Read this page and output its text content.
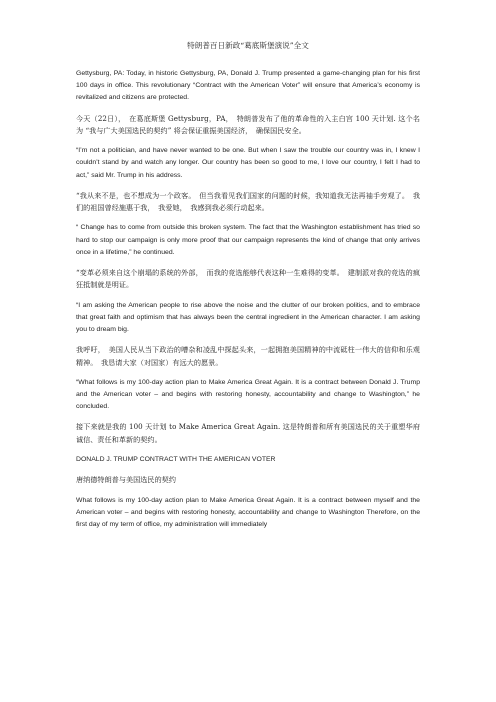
特朗普百日新政“葛底斯堡演说”全文

Gettysburg, PA: Today, in historic Gettysburg, PA, Donald J. Trump presented a game-changing plan for his first 100 days in office. This revolutionary “Contract with the American Voter” will ensure that America’s economy is revitalized and citizens are protected.

今天（22日），　在葛底斯堡 Gettysburg，PA，　特朗普发布了他的革命性的入主白宫 100 天计划. 这个名为 “我与广大美国选民的契约” 将会保证重振美国经济，　确保国民安全。

“I’m not a politician, and have never wanted to be one. But when I saw the trouble our country was in, I knew I couldn’t stand by and watch any longer. Our country has been so good to me, I love our country, I felt I had to act,” said Mr. Trump in his address.

“我从来不是，也不想成为一个政客。　但当我看见我们国家的问题的时候，我知道我无法再袖手旁观了。　我们的祖国曾经施惠于我，　我爱她，　我感到我必须行动起来。

“ Change has to come from outside this broken system. The fact that the Washington establishment has tried so hard to stop our campaign is only more proof that our campaign represents the kind of change that only arrives once in a lifetime,” he continued.

“变革必须来自这个崩塌的系统的外部，　而我的竞选能够代表这种一生难得的变革。　建制派对我的竞选的疯狂抵制就是明证。

“I am asking the American people to rise above the noise and the clutter of our broken politics, and to embrace that great faith and optimism that has always been the central ingredient in the American character. I am asking you to dream big.

我呼吁，　美国人民从当下政治的嘈杂和凌乱中探起头来，一起拥抱美国精神的中流砥柱一伟大的信仰和乐观精神。　我恳请大家（对国家）有远大的愿景。

“What follows is my 100-day action plan to Make America Great Again. It is a contract between Donald J. Trump and the American voter – and begins with restoring honesty, accountability and change to Washington,” he concluded.

接下来就是我的 100 天计划 to Make America Great Again. 这是特朗普和所有美国选民的关于重塑华府诚信、责任和革新的契约。

DONALD J. TRUMP CONTRACT WITH THE AMERICAN VOTER

唐纳德特朗普与美国选民的契约

What follows is my 100-day action plan to Make America Great Again. It is a contract between myself and the American voter – and begins with restoring honesty, accountability and change to Washington Therefore, on the first day of my term of office, my administration will immediately
